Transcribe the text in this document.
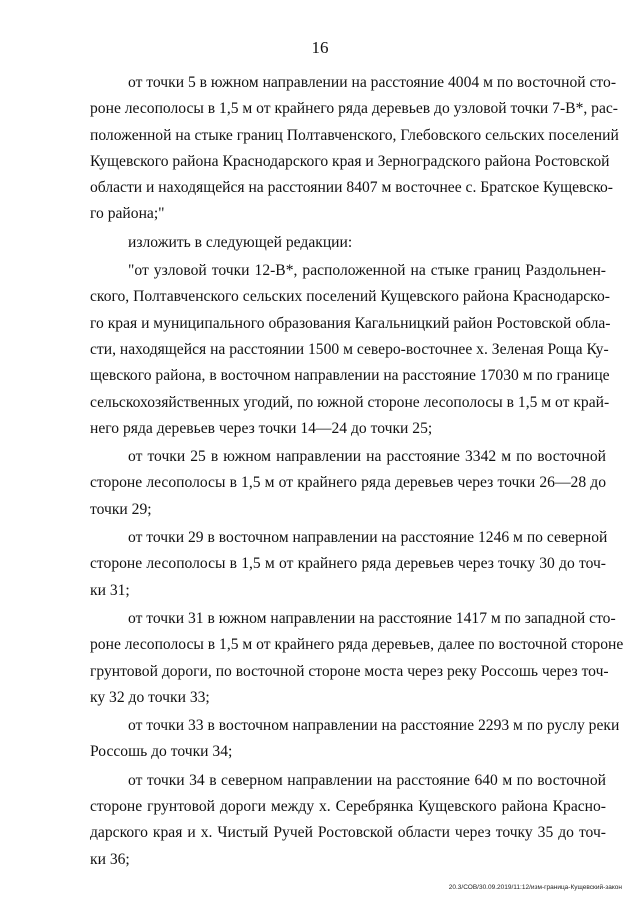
16
от точки 5 в южном направлении на расстояние 4004 м по восточной сто-
роне лесополосы в 1,5 м от крайнего ряда деревьев до узловой точки 7-В*, рас-
положенной на стыке границ Полтавченского, Глебовского сельских поселений
Кущевского района Краснодарского края и Зерноградского района Ростовской
области и находящейся на расстоянии 8407 м восточнее с. Братское Кущевско-
го района;"
изложить в следующей редакции:
"от узловой точки 12-В*, расположенной на стыке границ Раздольнен-
ского, Полтавченского сельских поселений Кущевского района Краснодарско-
го края и муниципального образования Кагальницкий район Ростовской обла-
сти, находящейся на расстоянии 1500 м северо-восточнее х. Зеленая Роща Ку-
щевского района, в восточном направлении на расстояние 17030 м по границе
сельскохозяйственных угодий, по южной стороне лесополосы в 1,5 м от край-
него ряда деревьев через точки 14—24 до точки 25;
от точки 25 в южном направлении на расстояние 3342 м по восточной
стороне лесополосы в 1,5 м от крайнего ряда деревьев через точки 26—28 до
точки 29;
от точки 29 в восточном направлении на расстояние 1246 м по северной
стороне лесополосы в 1,5 м от крайнего ряда деревьев через точку 30 до точ-
ки 31;
от точки 31 в южном направлении на расстояние 1417 м по западной сто-
роне лесополосы в 1,5 м от крайнего ряда деревьев, далее по восточной стороне
грунтовой дороги, по восточной стороне моста через реку Россошь через точ-
ку 32 до точки 33;
от точки 33 в восточном направлении на расстояние 2293 м по руслу реки
Россошь до точки 34;
от точки 34 в северном направлении на расстояние 640 м по восточной
стороне грунтовой дороги между х. Серебрянка Кущевского района Красно-
дарского края и х. Чистый Ручей Ростовской области через точку 35 до точ-
ки 36;
20.3/СОВ/30.09.2019/11:12/изм-граница-Кущевский-закон
